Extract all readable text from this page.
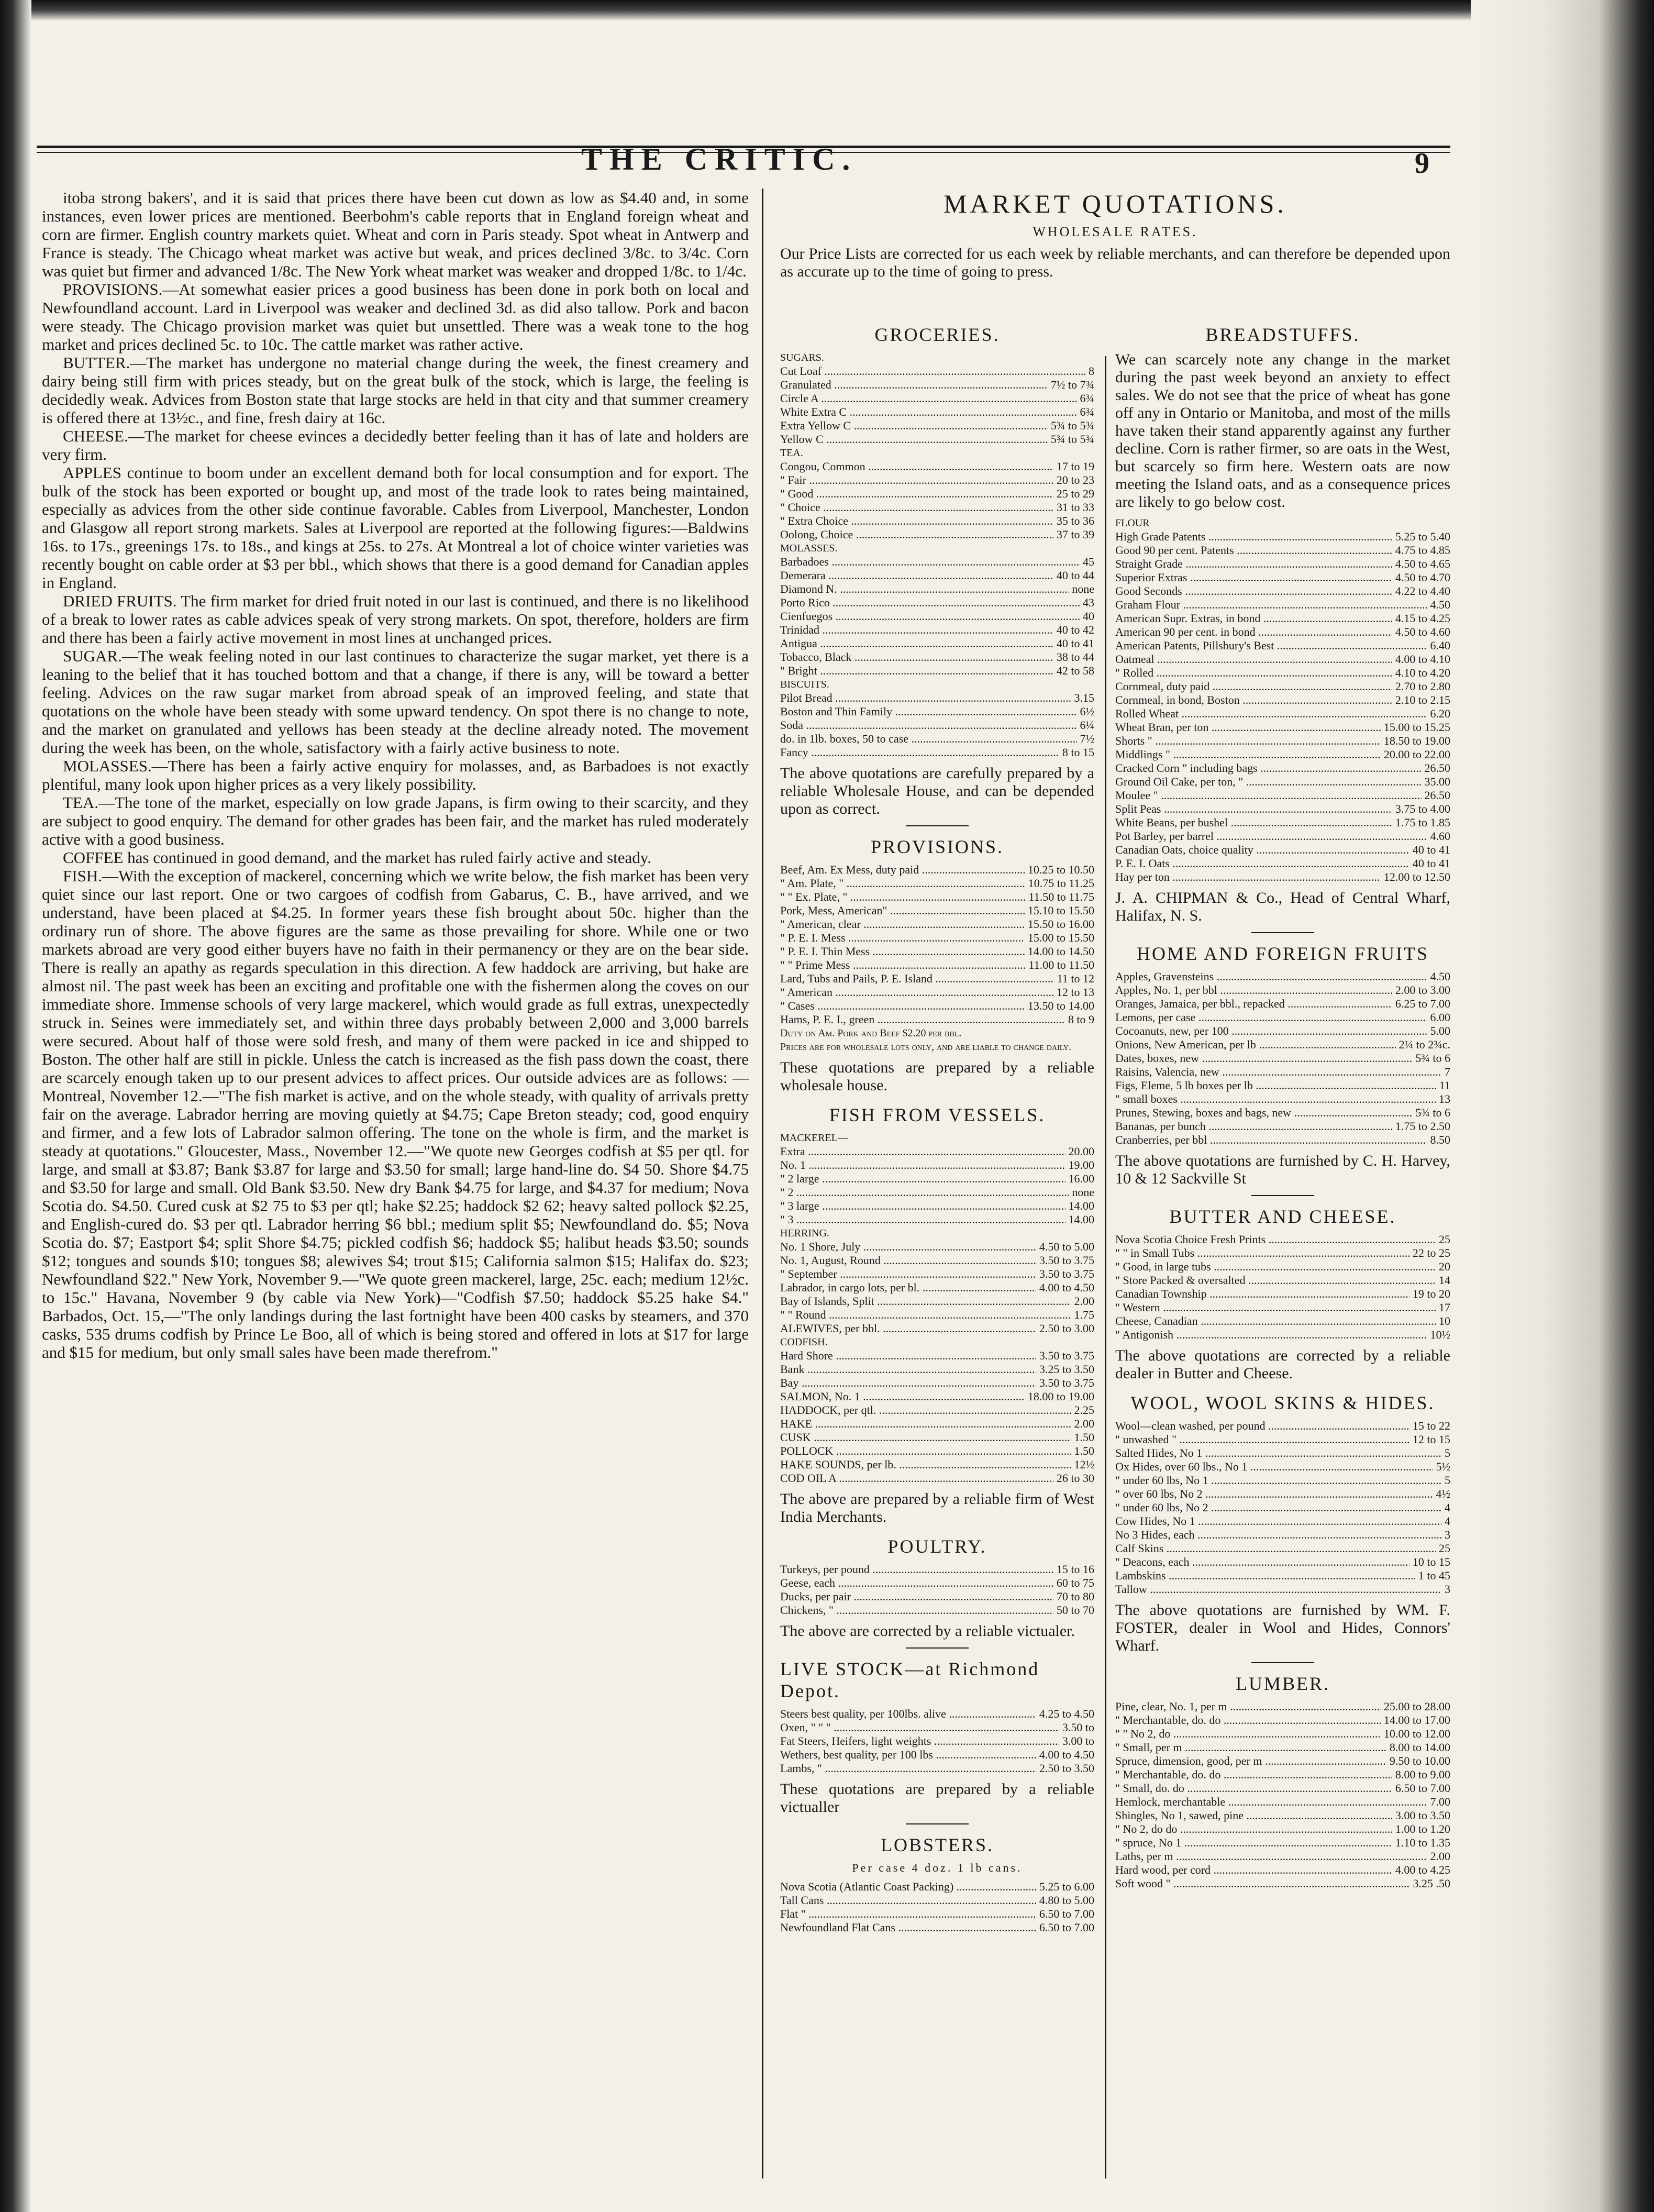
THE CRITIC.	9

itoba strong bakers', and it is said that prices there have been cut down as low as $4.40 and, in some instances, even lower prices are mentioned. Beerbohm's cable reports that in England foreign wheat and corn are firmer. English country markets quiet. Wheat and corn in Paris steady. Spot wheat in Antwerp and France is steady. The Chicago wheat market was active but weak, and prices declined 3/8c. to 3/4c. Corn was quiet but firmer and advanced 1/8c. The New York wheat market was weaker and dropped 1/8c. to 1/4c.

PROVISIONS.—At somewhat easier prices a good business has been done in pork both on local and Newfoundland account. Lard in Liverpool was weaker and declined 3d. as did also tallow. Pork and bacon were steady. The Chicago provision market was quiet but unsettled. There was a weak tone to the hog market and prices declined 5c. to 10c. The cattle market was rather active.

BUTTER.—The market has undergone no material change during the week, the finest creamery and dairy being still firm with prices steady, but on the great bulk of the stock, which is large, the feeling is decidedly weak. Advices from Boston state that large stocks are held in that city and that summer creamery is offered there at 13½c., and fine, fresh dairy at 16c.

CHEESE.—The market for cheese evinces a decidedly better feeling than it has of late and holders are very firm.

APPLES continue to boom under an excellent demand both for local consumption and for export. The bulk of the stock has been exported or bought up, and most of the trade look to rates being maintained, especially as advices from the other side continue favorable. Cables from Liverpool, Manchester, London and Glasgow all report strong markets. Sales at Liverpool are reported at the following figures:—Baldwins 16s. to 17s., greenings 17s. to 18s., and kings at 25s. to 27s. At Montreal a lot of choice winter varieties was recently bought on cable order at $3 per bbl., which shows that there is a good demand for Canadian apples in England.

DRIED FRUITS. The firm market for dried fruit noted in our last is continued, and there is no likelihood of a break to lower rates as cable advices speak of very strong markets. On spot, therefore, holders are firm and there has been a fairly active movement in most lines at unchanged prices.

SUGAR.—The weak feeling noted in our last continues to characterize the sugar market, yet there is a leaning to the belief that it has touched bottom and that a change, if there is any, will be toward a better feeling. Advices on the raw sugar market from abroad speak of an improved feeling, and state that quotations on the whole have been steady with some upward tendency. On spot there is no change to note, and the market on granulated and yellows has been steady at the decline already noted. The movement during the week has been, on the whole, satisfactory with a fairly active business to note.

MOLASSES.—There has been a fairly active enquiry for molasses, and, as Barbadoes is not exactly plentiful, many look upon higher prices as a very likely possibility.

TEA.—The tone of the market, especially on low grade Japans, is firm owing to their scarcity, and they are subject to good enquiry. The demand for other grades has been fair, and the market has ruled moderately active with a good business.

COFFEE has continued in good demand, and the market has ruled fairly active and steady.

FISH.—With the exception of mackerel, concerning which we write below, the fish market has been very quiet since our last report. One or two cargoes of codfish from Gabarus, C. B., have arrived, and we understand, have been placed at $4.25. In former years these fish brought about 50c. higher than the ordinary run of shore. The above figures are the same as those prevailing for shore. While one or two markets abroad are very good either buyers have no faith in their permanency or they are on the bear side. There is really an apathy as regards speculation in this direction. A few haddock are arriving, but hake are almost nil. The past week has been an exciting and profitable one with the fishermen along the coves on our immediate shore. Immense schools of very large mackerel, which would grade as full extras, unexpectedly struck in. Seines were immediately set, and within three days probably between 2,000 and 3,000 barrels were secured. About half of those were sold fresh, and many of them were packed in ice and shipped to Boston. The other half are still in pickle. Unless the catch is increased as the fish pass down the coast, there are scarcely enough taken up to our present advices to affect prices. Our outside advices are as follows: —Montreal, November 12.—"The fish market is active, and on the whole steady, with quality of arrivals pretty fair on the average. Labrador herring are moving quietly at $4.75; Cape Breton steady; cod, good enquiry and firmer, and a few lots of Labrador salmon offering. The tone on the whole is firm, and the market is steady at quotations." Gloucester, Mass., November 12.—"We quote new Georges codfish at $5 per qtl. for large, and small at $3.87; Bank $3.87 for large and $3.50 for small; large hand-line do. $4 50. Shore $4.75 and $3.50 for large and small. Old Bank $3.50. New dry Bank $4.75 for large, and $4.37 for medium; Nova Scotia do. $4.50. Cured cusk at $2 75 to $3 per qtl; hake $2.25; haddock $2 62; heavy salted pollock $2.25, and English-cured do. $3 per qtl. Labrador herring $6 bbl.; medium split $5; Newfoundland do. $5; Nova Scotia do. $7; Eastport $4; split Shore $4.75; pickled codfish $6; haddock $5; halibut heads $3.50; sounds $12; tongues and sounds $10; tongues $8; alewives $4; trout $15; California salmon $15; Halifax do. $23; Newfoundland $22." New York, November 9.—"We quote green mackerel, large, 25c. each; medium 12½c. to 15c." Havana, November 9 (by cable via New York)—"Codfish $7.50; haddock $5.25 hake $4." Barbados, Oct. 15,—"The only landings during the last fortnight have been 400 casks by steamers, and 370 casks, 535 drums codfish by Prince Le Boo, all of which is being stored and offered in lots at $17 for large and $15 for medium, but only small sales have been made therefrom."

MARKET QUOTATIONS.
WHOLESALE RATES.
Our Price Lists are corrected for us each week by reliable merchants, and can therefore be depended upon as accurate up to the time of going to press.
GROCERIES.
SUGARS.
Cut Loaf .....	8
Granulated .....	7½ to 7¾
Circle A .....	6¾
White Extra C .....	6¾
Extra Yellow C .....	5¾ to 5¾
Yellow C .....	5¾ to 5¾
TEA.
Congou, Common .....	17 to 19
" Fair .....	20 to 23
" Good .....	25 to 29
" Choice .....	31 to 33
" Extra Choice .....	35 to 36
Oolong, Choice .....	37 to 39
MOLASSES.
Barbadoes .....	45
Demerara .....	40 to 44
Diamond N. .....	none
Porto Rico .....	43
Cienfuegos .....	40
Trinidad .....	40 to 42
Antigua .....	40 to 41
Tobacco, Black .....	38 to 44
" Bright .....	42 to 58
BISCUITS.
Pilot Bread .....	3.15
Boston and Thin Family .....	6½
Soda .....	6¼
do. in 1lb. boxes, 50 to case .....	7½
Fancy .....	8 to 15
The above quotations are carefully prepared by a reliable Wholesale House, and can be depended upon as correct.
PROVISIONS.
Beef, Am. Ex Mess, duty paid .....	10.25 to 10.50
" Am. Plate, " .....	10.75 to 11.25
" " Ex. Plate, " .....	11.50 to 11.75
Pork, Mess, American" .....	15.10 to 15.50
" American, clear .....	15.50 to 16.00
" P. E. I. Mess .....	15.00 to 15.50
" P. E. I. Thin Mess .....	14.00 to 14.50
" " Prime Mess .....	11.00 to 11.50
Lard, Tubs and Pails, P. E. Island .....	11 to 12
" American .....	12 to 13
" Cases .....	13.50 to 14.00
Hams, P. E. I., green .....	8 to 9
Duty on Am. Pork and Beef $2.20 per bbl.
Prices are for wholesale lots only, and are liable to change daily.
These quotations are prepared by a reliable wholesale house.
FISH FROM VESSELS.
MACKEREL—
Extra .....	20.00
No. 1 .....	19.00
" 2 large .....	16.00
" 2 .....	none
" 3 large .....	14.00
" 3 .....	14.00
HERRING.
No. 1 Shore, July .....	4.50 to 5.00
No. 1, August, Round .....	3.50 to 3.75
" September .....	3.50 to 3.75
Labrador, in cargo lots, per bl. .....	4.00 to 4.50
Bay of Islands, Split .....	2.00
" " Round .....	1.75
ALEWIVES, per bbl. .....	2.50 to 3.00
CODFISH.
Hard Shore .....	3.50 to 3.75
Bank .....	3.25 to 3.50
Bay .....	3.50 to 3.75
SALMON, No. 1 .....	18.00 to 19.00
HADDOCK, per qtl. .....	2.25
HAKE .....	2.00
CUSK .....	1.50
POLLOCK .....	1.50
HAKE SOUNDS, per lb. .....	12½
COD OIL A .....	26 to 30
The above are prepared by a reliable firm of West India Merchants.
POULTRY.
Turkeys, per pound .....	15 to 16
Geese, each .....	60 to 75
Ducks, per pair .....	70 to 80
Chickens, " .....	50 to 70
The above are corrected by a reliable victualer.
LIVE STOCK—at Richmond Depot.
Steers best quality, per 100lbs. alive .....	4.25 to 4.50
Oxen, " " " .....	3.50 to
Fat Steers, Heifers, light weights .....	3.00 to
Wethers, best quality, per 100 lbs .....	4.00 to 4.50
Lambs, " .....	2.50 to 3.50
These quotations are prepared by a reliable victualler
LOBSTERS.
Per case 4 doz. 1 lb cans.
Nova Scotia (Atlantic Coast Packing) .....	5.25 to 6.00
Tall Cans .....	4.80 to 5.00
Flat " .....	6.50 to 7.00
Newfoundland Flat Cans .....	6.50 to 7.00
BREADSTUFFS.
We can scarcely note any change in the market during the past week beyond an anxiety to effect sales. We do not see that the price of wheat has gone off any in Ontario or Manitoba, and most of the mills have taken their stand apparently against any further decline. Corn is rather firmer, so are oats in the West, but scarcely so firm here. Western oats are now meeting the Island oats, and as a consequence prices are likely to go below cost.
FLOUR
High Grade Patents .....	5.25 to 5.40
Good 90 per cent. Patents .....	4.75 to 4.85
Straight Grade .....	4.50 to 4.65
Superior Extras .....	4.50 to 4.70
Good Seconds .....	4.22 to 4.40
Graham Flour .....	4.50
American Supr. Extras, in bond .....	4.15 to 4.25
American 90 per cent. in bond .....	4.50 to 4.60
American Patents, Pillsbury's Best .....	6.40
Oatmeal .....	4.00 to 4.10
" Rolled .....	4.10 to 4.20
Cornmeal, duty paid .....	2.70 to 2.80
Cornmeal, in bond, Boston .....	2.10 to 2.15
Rolled Wheat .....	6.20
Wheat Bran, per ton .....	15.00 to 15.25
Shorts " .....	18.50 to 19.00
Middlings " .....	20.00 to 22.00
Cracked Corn " including bags .....	26.50
Ground Oil Cake, per ton, " .....	35.00
Moulee " .....	26.50
Split Peas .....	3.75 to 4.00
White Beans, per bushel .....	1.75 to 1.85
Pot Barley, per barrel .....	4.60
Canadian Oats, choice quality .....	40 to 41
P. E. I. Oats .....	40 to 41
Hay per ton .....	12.00 to 12.50
J. A. CHIPMAN & Co., Head of Central Wharf, Halifax, N. S.
HOME AND FOREIGN FRUITS
Apples, Gravensteins .....	4.50
Apples, No. 1, per bbl .....	2.00 to 3.00
Oranges, Jamaica, per bbl., repacked .....	6.25 to 7.00
Lemons, per case .....	6.00
Cocoanuts, new, per 100 .....	5.00
Onions, New American, per lb .....	2¼ to 2¾c.
Dates, boxes, new .....	5¾ to 6
Raisins, Valencia, new .....	7
Figs, Eleme, 5 lb boxes per lb .....	11
" small boxes .....	13
Prunes, Stewing, boxes and bags, new .....	5¾ to 6
Bananas, per bunch .....	1.75 to 2.50
Cranberries, per bbl .....	8.50
The above quotations are furnished by C. H. Harvey, 10 & 12 Sackville St
BUTTER AND CHEESE.
Nova Scotia Choice Fresh Prints .....	25
" " in Small Tubs .....	22 to 25
" Good, in large tubs .....	20
" Store Packed & oversalted .....	14
Canadian Township .....	19 to 20
" Western .....	17
Cheese, Canadian .....	10
" Antigonish .....	10½
The above quotations are corrected by a reliable dealer in Butter and Cheese.
WOOL, WOOL SKINS & HIDES.
Wool—clean washed, per pound .....	15 to 22
" unwashed " .....	12 to 15
Salted Hides, No 1 .....	5
Ox Hides, over 60 lbs., No 1 .....	5½
" under 60 lbs, No 1 .....	5
" over 60 lbs, No 2 .....	4½
" under 60 lbs, No 2 .....	4
Cow Hides, No 1 .....	4
No 3 Hides, each .....	3
Calf Skins .....	25
" Deacons, each .....	10 to 15
Lambskins .....	1 to 45
Tallow .....	3
The above quotations are furnished by WM. F. FOSTER, dealer in Wool and Hides, Connors' Wharf.
LUMBER.
Pine, clear, No. 1, per m .....	25.00 to 28.00
" Merchantable, do. do .....	14.00 to 17.00
" " No 2, do .....	10.00 to 12.00
" Small, per m .....	8.00 to 14.00
Spruce, dimension, good, per m .....	9.50 to 10.00
" Merchantable, do. do .....	8.00 to 9.00
" Small, do. do .....	6.50 to 7.00
Hemlock, merchantable .....	7.00
Shingles, No 1, sawed, pine .....	3.00 to 3.50
" No 2, do do .....	1.00 to 1.20
" spruce, No 1 .....	1.10 to 1.35
Laths, per m .....	2.00
Hard wood, per cord .....	4.00 to 4.25
Soft wood " .....	3.25 .50
